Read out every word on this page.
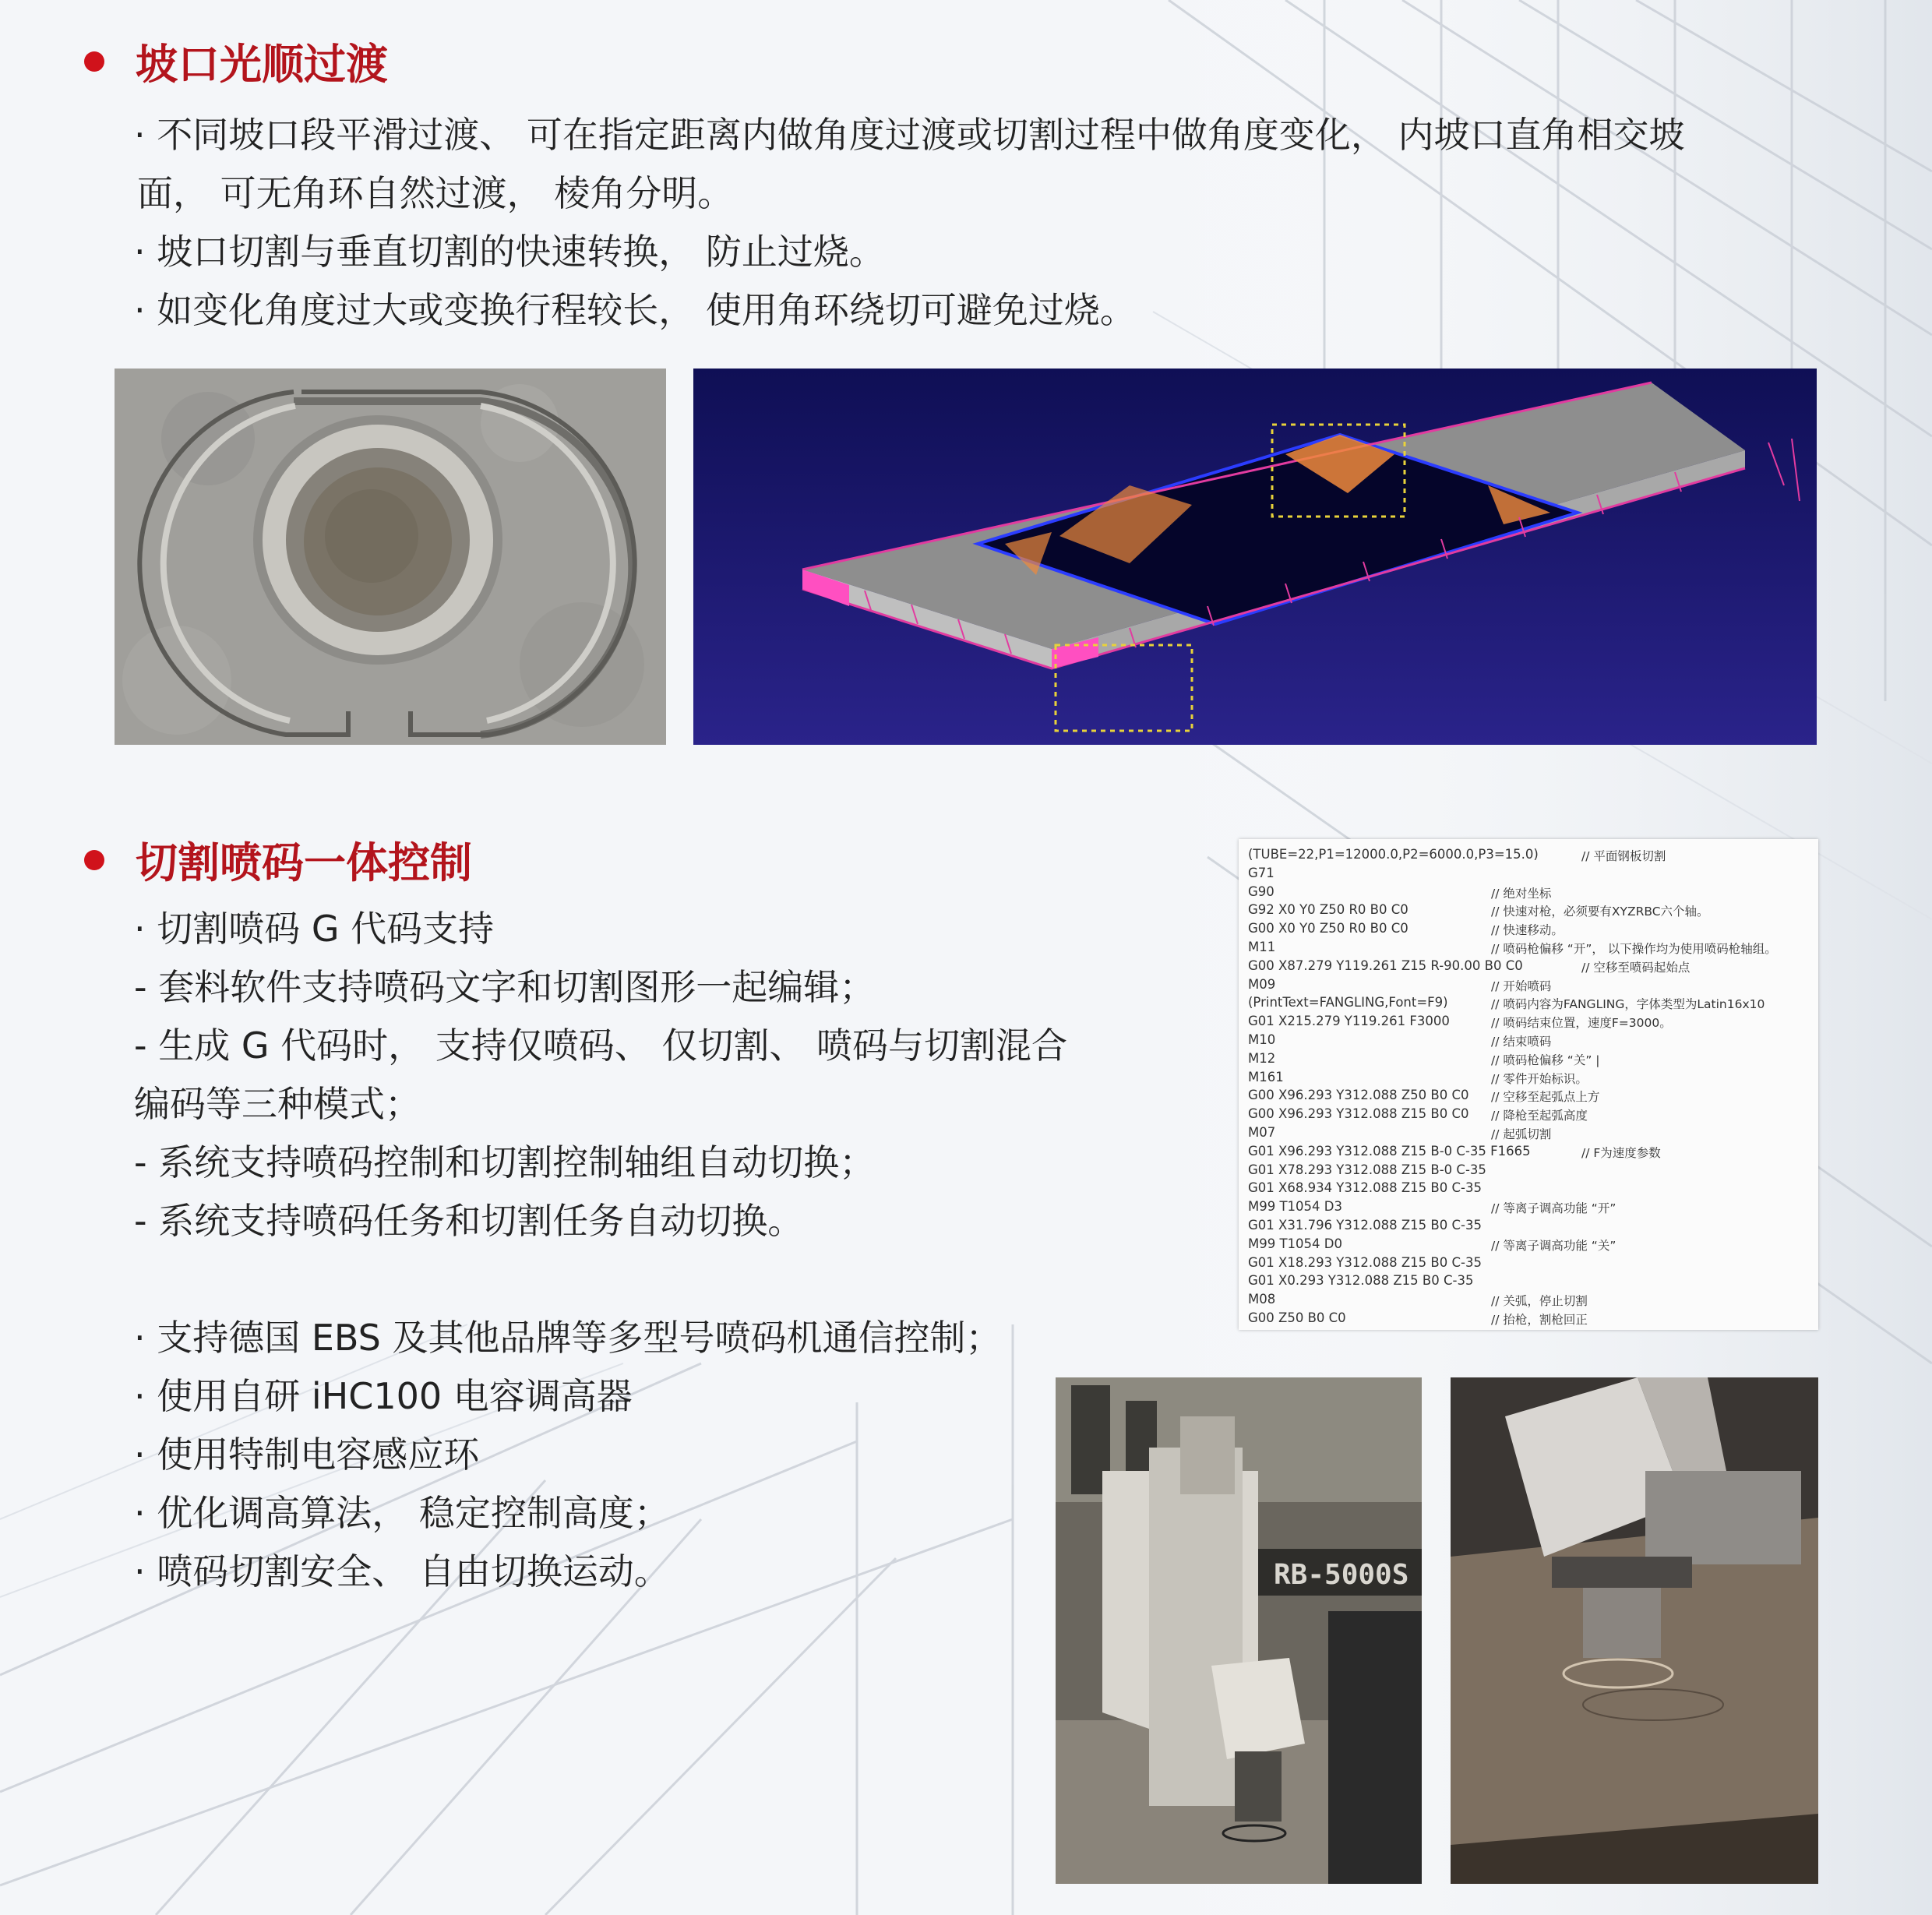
坡口光顺过渡

· 不同坡口段平滑过渡、 可在指定距离内做角度过渡或切割过程中做角度变化， 内坡口直角相交坡

面， 可无角环自然过渡， 棱角分明。

· 坡口切割与垂直切割的快速转换， 防止过烧。

· 如变化角度过大或变换行程较长， 使用角环绕切可避免过烧。

切割喷码一体控制

· 切割喷码 G 代码支持

- 套料软件支持喷码文字和切割图形一起编辑；

- 生成 G 代码时， 支持仅喷码、 仅切割、 喷码与切割混合

编码等三种模式；

- 系统支持喷码控制和切割控制轴组自动切换；

- 系统支持喷码任务和切割任务自动切换。

· 支持德国 EBS 及其他品牌等多型号喷码机通信控制；

· 使用自研 iHC100 电容调高器

· 使用特制电容感应环

· 优化调高算法， 稳定控制高度；

· 喷码切割安全、 自由切换运动。

(TUBE=22,P1=12000.0,P2=6000.0,P3=15.0)	// 平面钢板切割
G71
G90	// 绝对坐标
G92 X0 Y0 Z50 R0 B0 C0	// 快速对枪，必须要有XYZRBC六个轴。
G00 X0 Y0 Z50 R0 B0 C0	// 快速移动。
M11	// 喷码枪偏移 “开”， 以下操作均为使用喷码枪轴组。
G00 X87.279 Y119.261 Z15 R-90.00 B0 C0	// 空移至喷码起始点
M09	// 开始喷码
(PrintText=FANGLING,Font=F9)	// 喷码内容为FANGLING，字体类型为Latin16x10
G01 X215.279 Y119.261 F3000	// 喷码结束位置，速度F=3000。
M10	// 结束喷码
M12	// 喷码枪偏移 “关” |
M161	// 零件开始标识。
G00 X96.293 Y312.088 Z50 B0 C0 // 空移至起弧点上方
G00 X96.293 Y312.088 Z15 B0 C0 // 降枪至起弧高度
M07	// 起弧切割
G01 X96.293 Y312.088 Z15 B-0 C-35 F1665	// F为速度参数
G01 X78.293 Y312.088 Z15 B-0 C-35
G01 X68.934 Y312.088 Z15 B0 C-35
M99 T1054 D3	// 等离子调高功能 “开”
G01 X31.796 Y312.088 Z15 B0 C-35
M99 T1054 D0	// 等离子调高功能 “关”
G01 X18.293 Y312.088 Z15 B0 C-35
G01 X0.293 Y312.088 Z15 B0 C-35
M08	// 关弧，停止切割
G00 Z50 B0 C0	// 抬枪，割枪回正
RB-5000S
